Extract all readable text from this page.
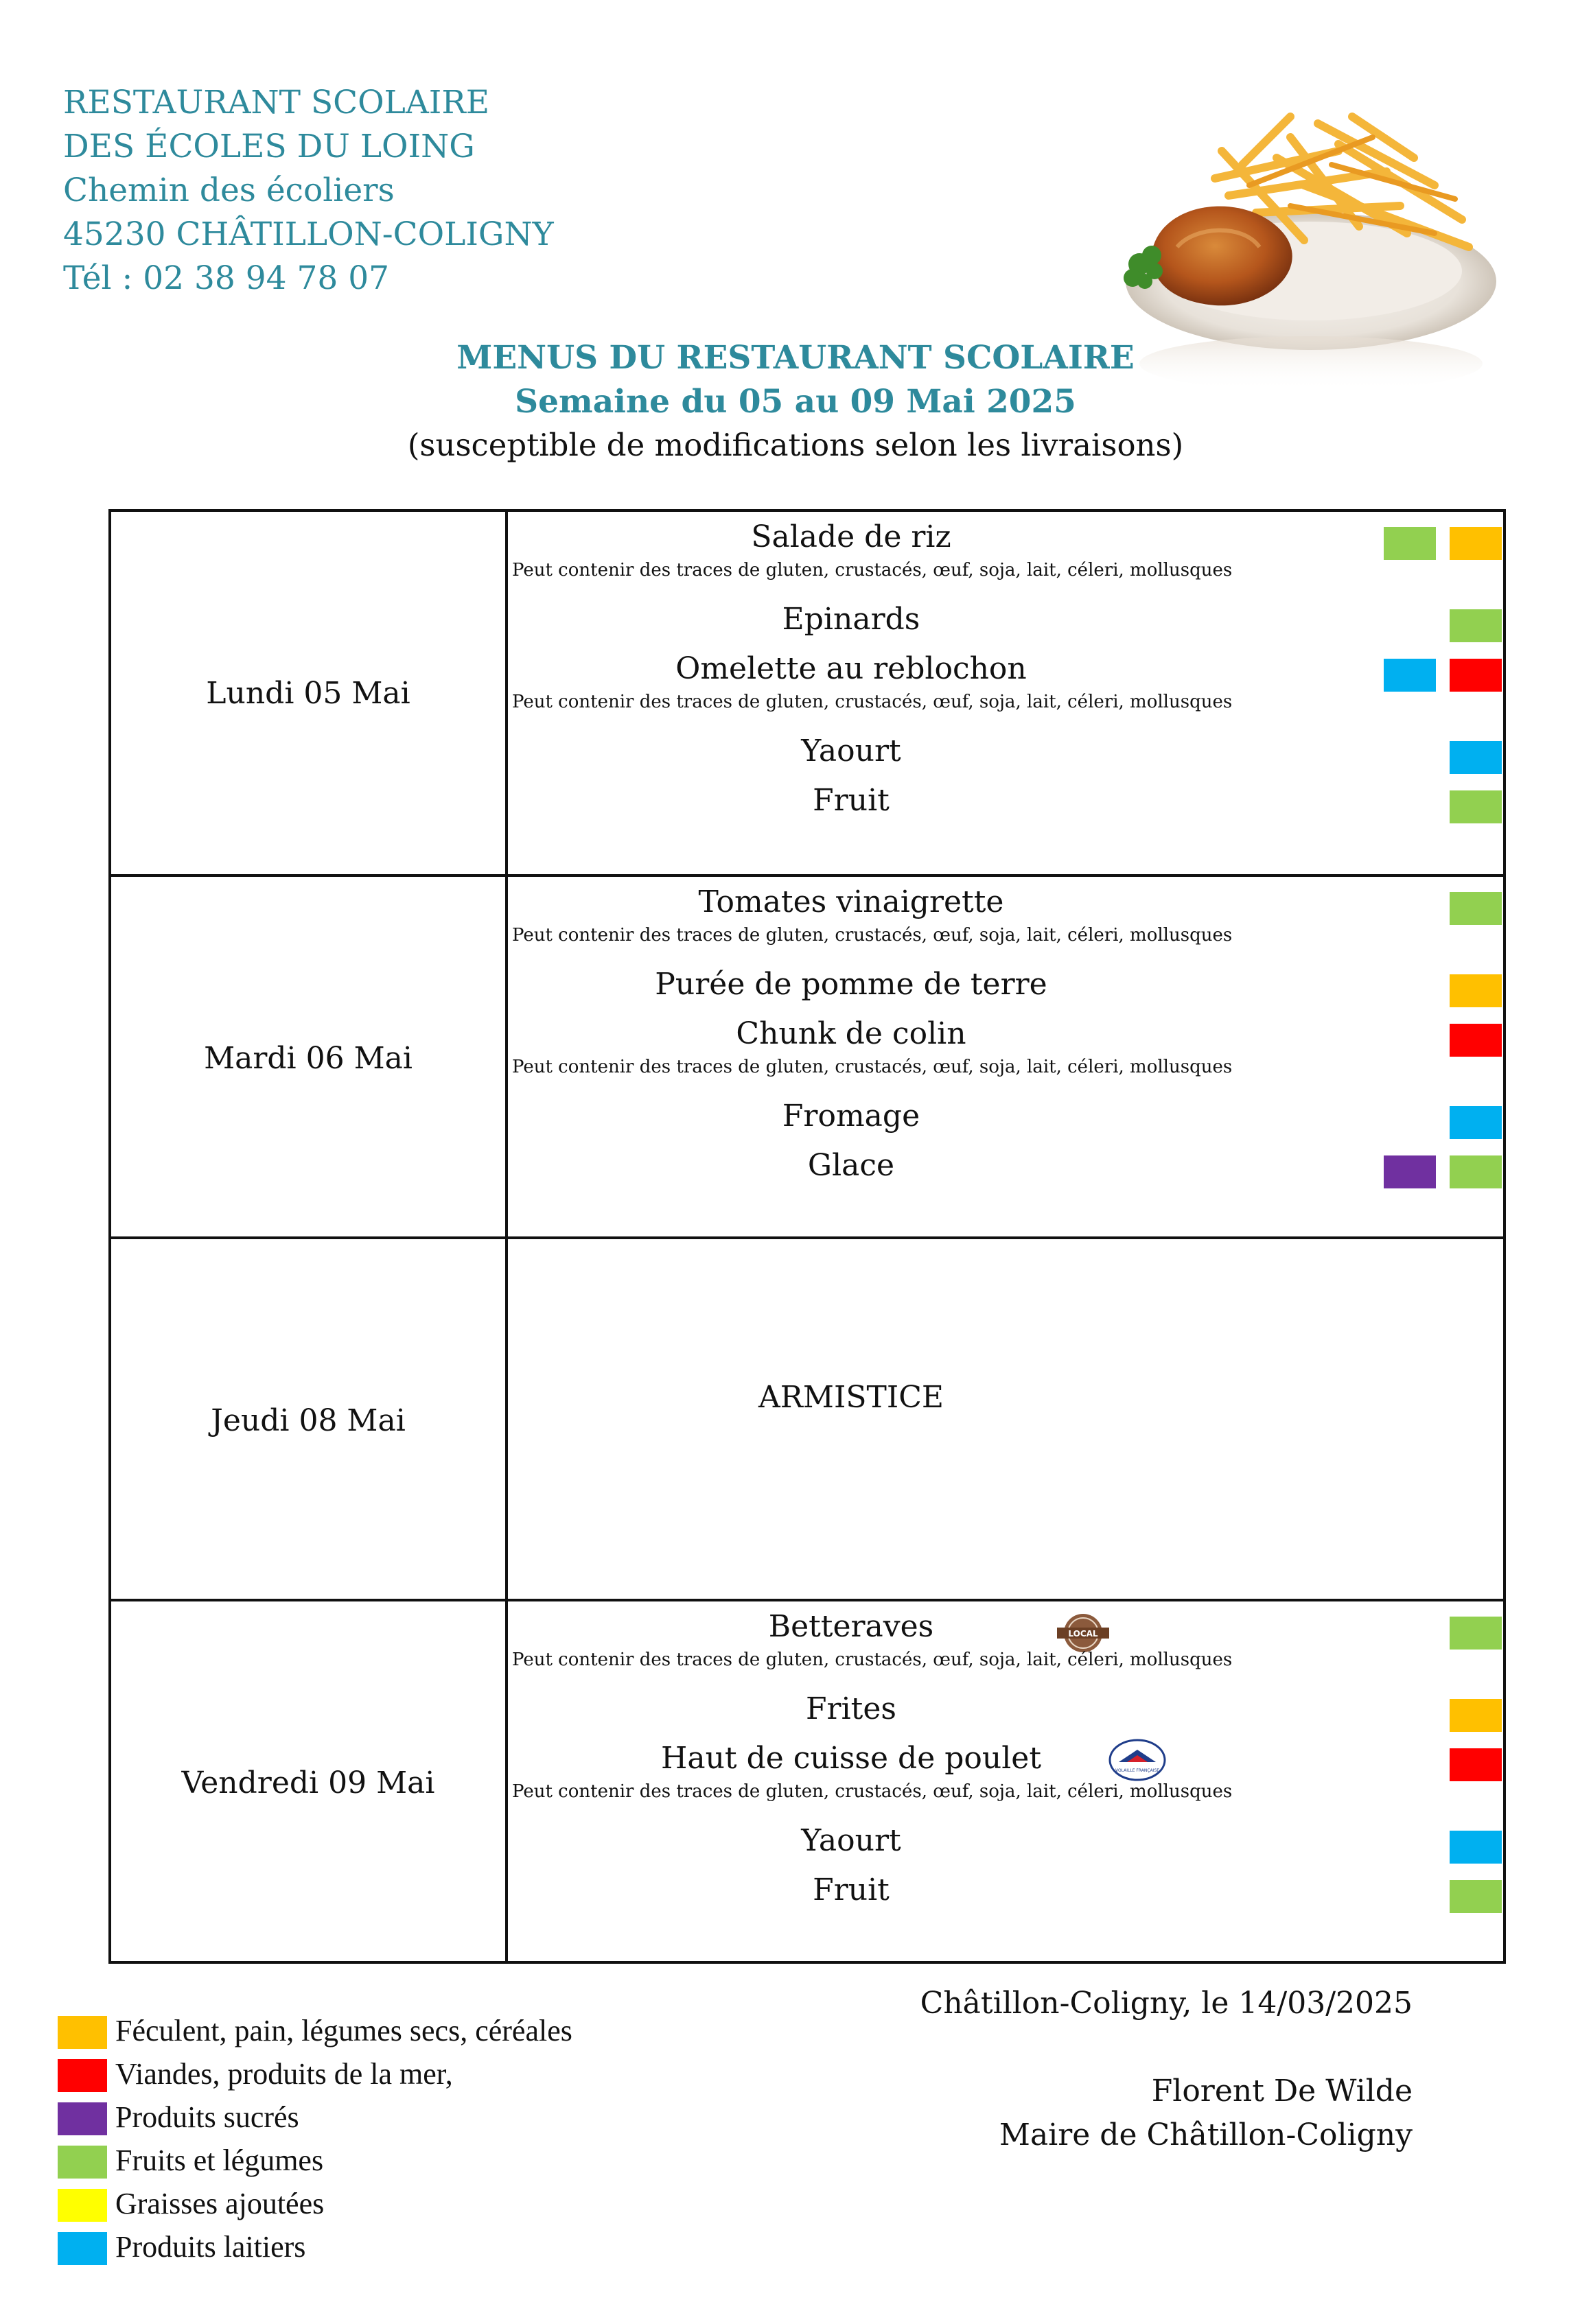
RESTAURANT SCOLAIRE
DES ÉCOLES DU LOING
Chemin des écoliers
45230 CHÂTILLON-COLIGNY
Tél : 02 38 94 78 07
MENUS DU RESTAURANT SCOLAIRE
Semaine du 05 au 09 Mai 2025
(susceptible de modifications selon les livraisons)
Lundi 05 Mai
Salade de riz
Peut contenir des traces de gluten, crustacés, œuf, soja, lait, céleri, mollusques
Epinards
Omelette au reblochon
Peut contenir des traces de gluten, crustacés, œuf, soja, lait, céleri, mollusques
Yaourt
Fruit
Mardi 06 Mai
Tomates vinaigrette
Peut contenir des traces de gluten, crustacés, œuf, soja, lait, céleri, mollusques
Purée de pomme de terre
Chunk de colin
Peut contenir des traces de gluten, crustacés, œuf, soja, lait, céleri, mollusques
Fromage
Glace
Jeudi 08 Mai
ARMISTICE
Vendredi 09 Mai
Betteraves	LOCAL
Peut contenir des traces de gluten, crustacés, œuf, soja, lait, céleri, mollusques
Frites
Haut de cuisse de poulet	VOLAILLE FRANÇAISE
Peut contenir des traces de gluten, crustacés, œuf, soja, lait, céleri, mollusques
Yaourt
Fruit
Féculent, pain, légumes secs, céréales
Viandes, produits de la mer,
Produits sucrés
Fruits et légumes
Graisses ajoutées
Produits laitiers
Châtillon-Coligny, le 14/03/2025
Florent De Wilde
Maire de Châtillon-Coligny
